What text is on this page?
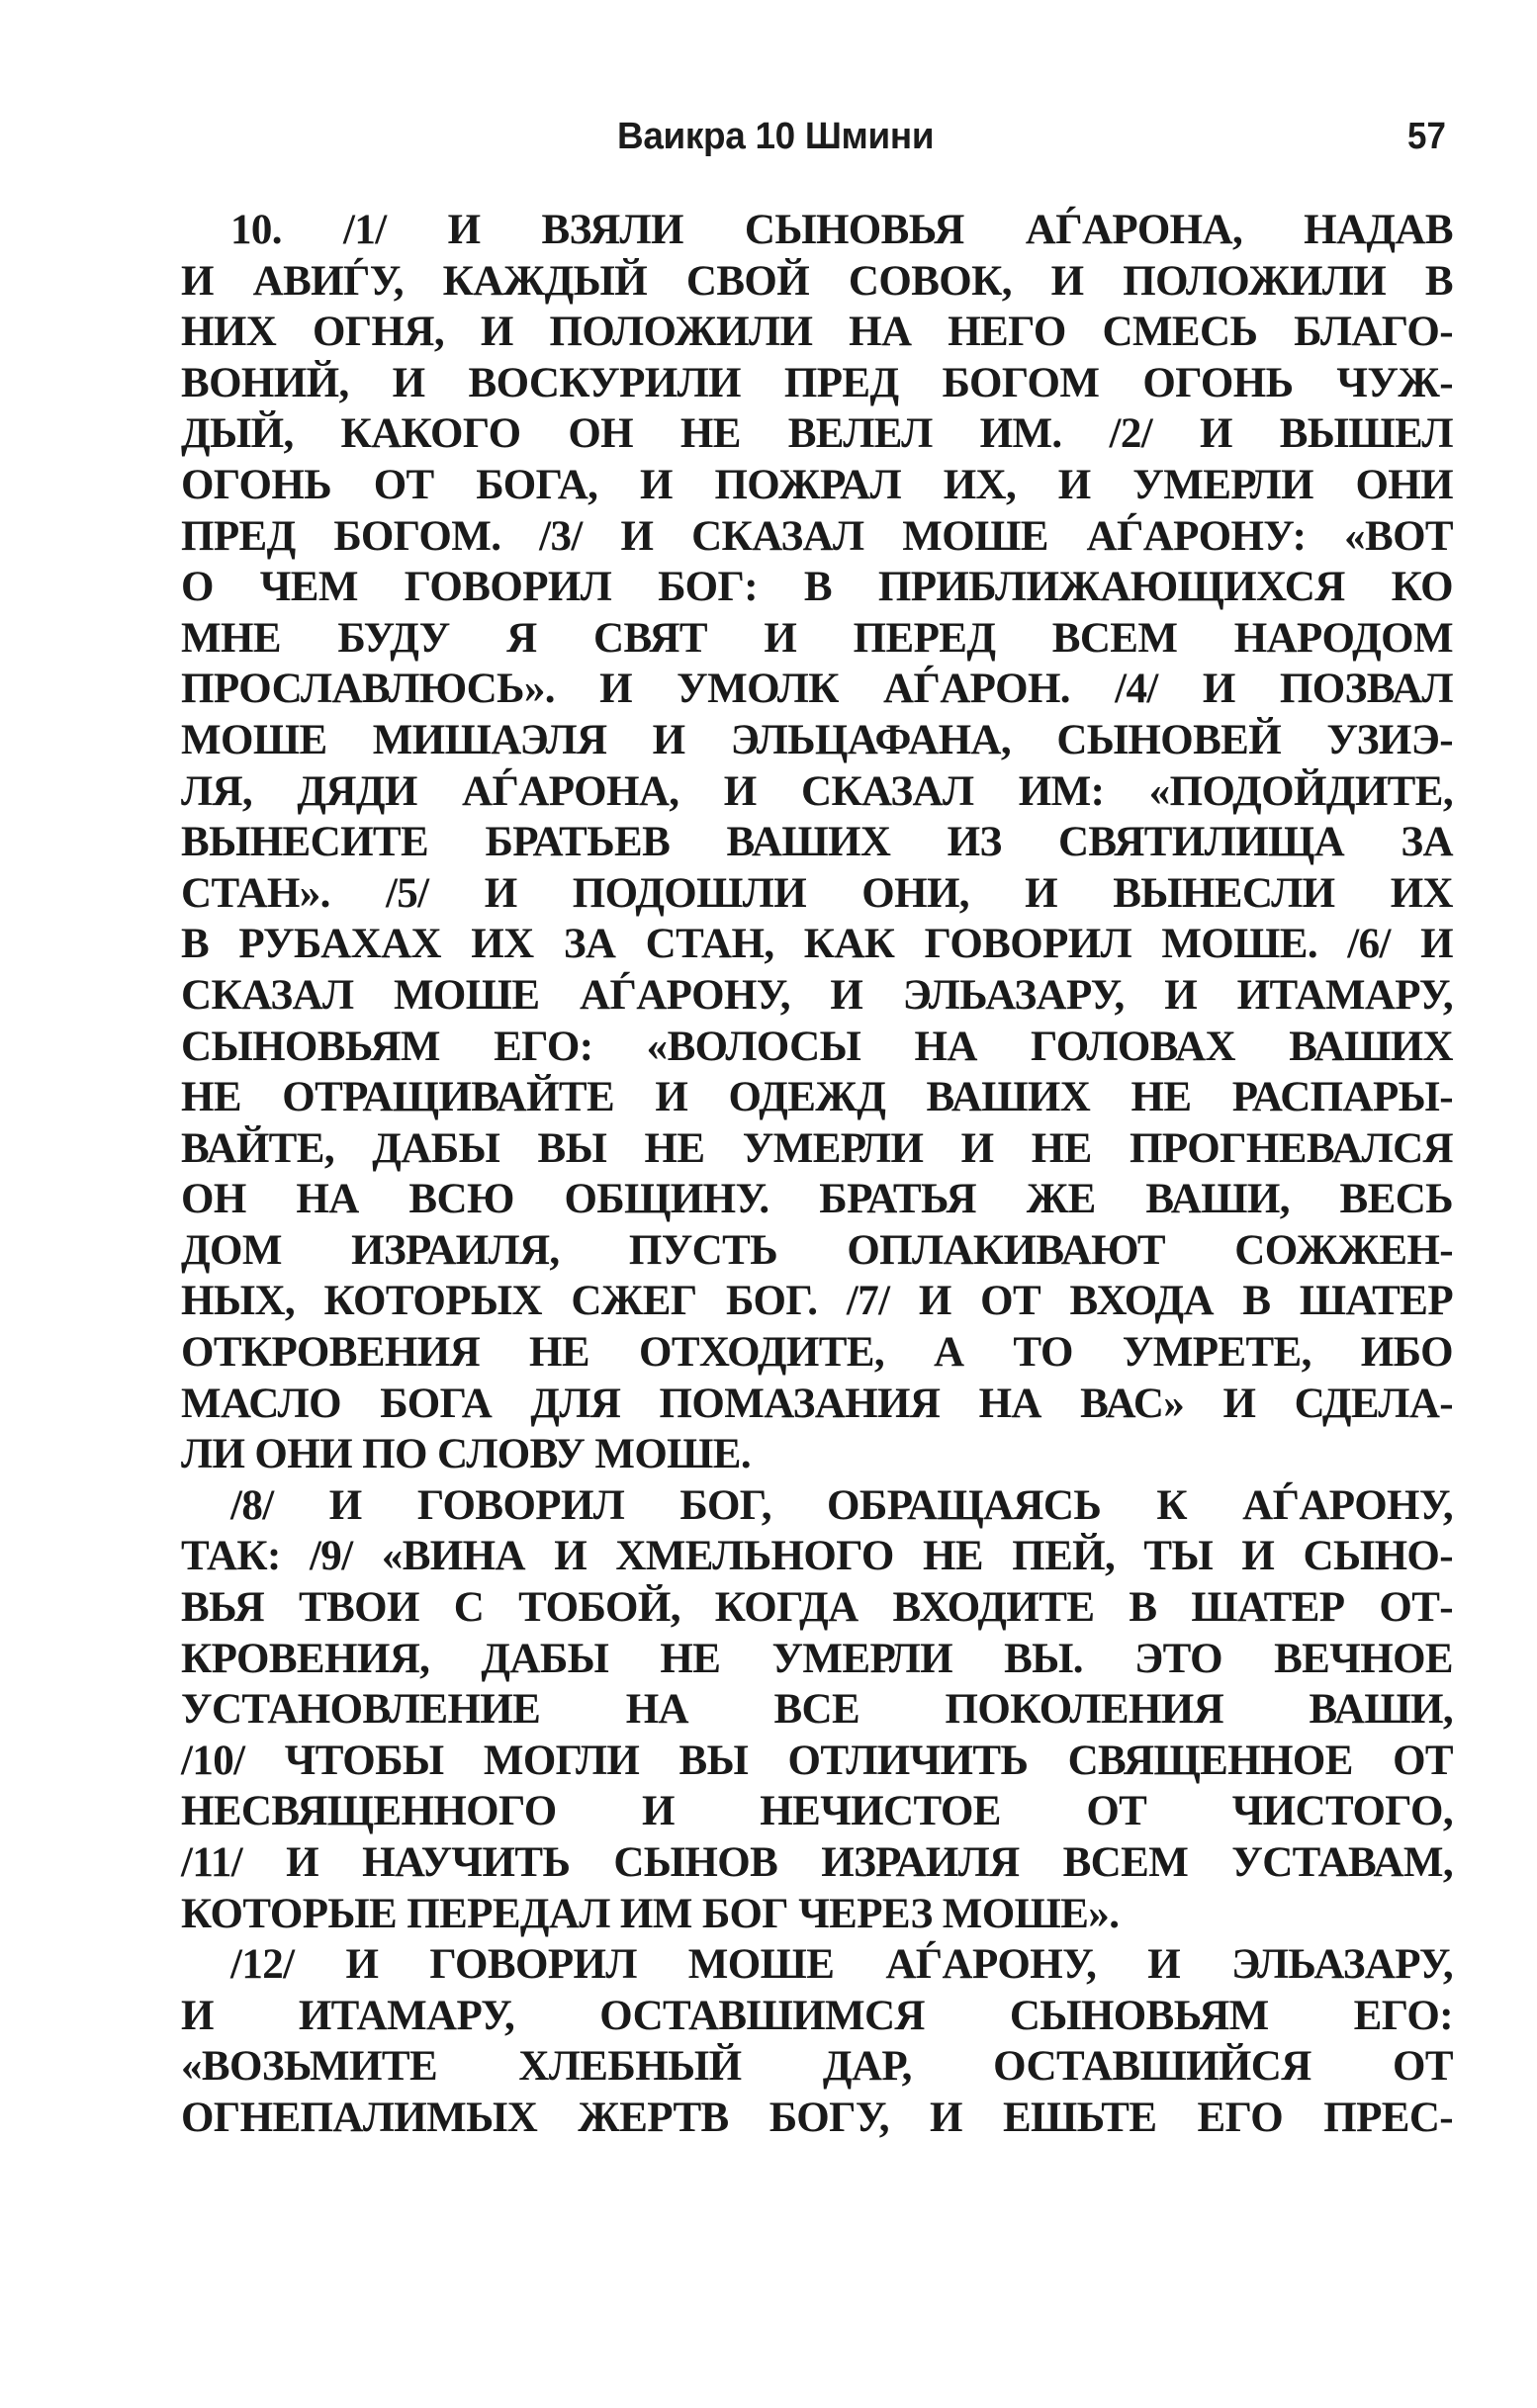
Ваикра 10 Шмини	57
10. /1/ И ВЗЯЛИ СЫНОВЬЯ АЃАРОНА, НАДАВ
И АВИЃУ, КАЖДЫЙ СВОЙ СОВОК, И ПОЛОЖИЛИ В
НИХ ОГНЯ, И ПОЛОЖИЛИ НА НЕГО СМЕСЬ БЛАГО-
ВОНИЙ, И ВОСКУРИЛИ ПРЕД БОГОМ ОГОНЬ ЧУЖ-
ДЫЙ, КАКОГО ОН НЕ ВЕЛЕЛ ИМ. /2/ И ВЫШЕЛ
ОГОНЬ ОТ БОГА, И ПОЖРАЛ ИХ, И УМЕРЛИ ОНИ
ПРЕД БОГОМ. /3/ И СКАЗАЛ МОШЕ АЃАРОНУ: «ВОТ
О ЧЕМ ГОВОРИЛ БОГ: В ПРИБЛИЖАЮЩИХСЯ КО
МНЕ БУДУ Я СВЯТ И ПЕРЕД ВСЕМ НАРОДОМ
ПРОСЛАВЛЮСЬ». И УМОЛК АЃАРОН. /4/ И ПОЗВАЛ
МОШЕ МИШАЭЛЯ И ЭЛЬЦАФАНА, СЫНОВЕЙ УЗИЭ-
ЛЯ, ДЯДИ АЃАРОНА, И СКАЗАЛ ИМ: «ПОДОЙДИТЕ,
ВЫНЕСИТЕ БРАТЬЕВ ВАШИХ ИЗ СВЯТИЛИЩА ЗА
СТАН». /5/ И ПОДОШЛИ ОНИ, И ВЫНЕСЛИ ИХ
В РУБАХАХ ИХ ЗА СТАН, КАК ГОВОРИЛ МОШЕ. /6/ И
СКАЗАЛ МОШЕ АЃАРОНУ, И ЭЛЬАЗАРУ, И ИТАМАРУ,
СЫНОВЬЯМ ЕГО: «ВОЛОСЫ НА ГОЛОВАХ ВАШИХ
НЕ ОТРАЩИВАЙТЕ И ОДЕЖД ВАШИХ НЕ РАСПАРЫ-
ВАЙТЕ, ДАБЫ ВЫ НЕ УМЕРЛИ И НЕ ПРОГНЕВАЛСЯ
ОН НА ВСЮ ОБЩИНУ. БРАТЬЯ ЖЕ ВАШИ, ВЕСЬ
ДОМ ИЗРАИЛЯ, ПУСТЬ ОПЛАКИВАЮТ СОЖЖЕН-
НЫХ, КОТОРЫХ СЖЕГ БОГ. /7/ И ОТ ВХОДА В ШАТЕР
ОТКРОВЕНИЯ НЕ ОТХОДИТЕ, А ТО УМРЕТЕ, ИБО
МАСЛО БОГА ДЛЯ ПОМАЗАНИЯ НА ВАС» И СДЕЛА-
ЛИ ОНИ ПО СЛОВУ МОШЕ.
/8/ И ГОВОРИЛ БОГ, ОБРАЩАЯСЬ К АЃАРОНУ,
ТАК: /9/ «ВИНА И ХМЕЛЬНОГО НЕ ПЕЙ, ТЫ И СЫНО-
ВЬЯ ТВОИ С ТОБОЙ, КОГДА ВХОДИТЕ В ШАТЕР ОТ-
КРОВЕНИЯ, ДАБЫ НЕ УМЕРЛИ ВЫ. ЭТО ВЕЧНОЕ
УСТАНОВЛЕНИЕ НА ВСЕ ПОКОЛЕНИЯ ВАШИ,
/10/ ЧТОБЫ МОГЛИ ВЫ ОТЛИЧИТЬ СВЯЩЕННОЕ ОТ
НЕСВЯЩЕННОГО И НЕЧИСТОЕ ОТ ЧИСТОГО,
/11/ И НАУЧИТЬ СЫНОВ ИЗРАИЛЯ ВСЕМ УСТАВАМ,
КОТОРЫЕ ПЕРЕДАЛ ИМ БОГ ЧЕРЕЗ МОШЕ».
/12/ И ГОВОРИЛ МОШЕ АЃАРОНУ, И ЭЛЬАЗАРУ,
И ИТАМАРУ, ОСТАВШИМСЯ СЫНОВЬЯМ ЕГО:
«ВОЗЬМИТЕ ХЛЕБНЫЙ ДАР, ОСТАВШИЙСЯ ОТ
ОГНЕПАЛИМЫХ ЖЕРТВ БОГУ, И ЕШЬТЕ ЕГО ПРЕС-
